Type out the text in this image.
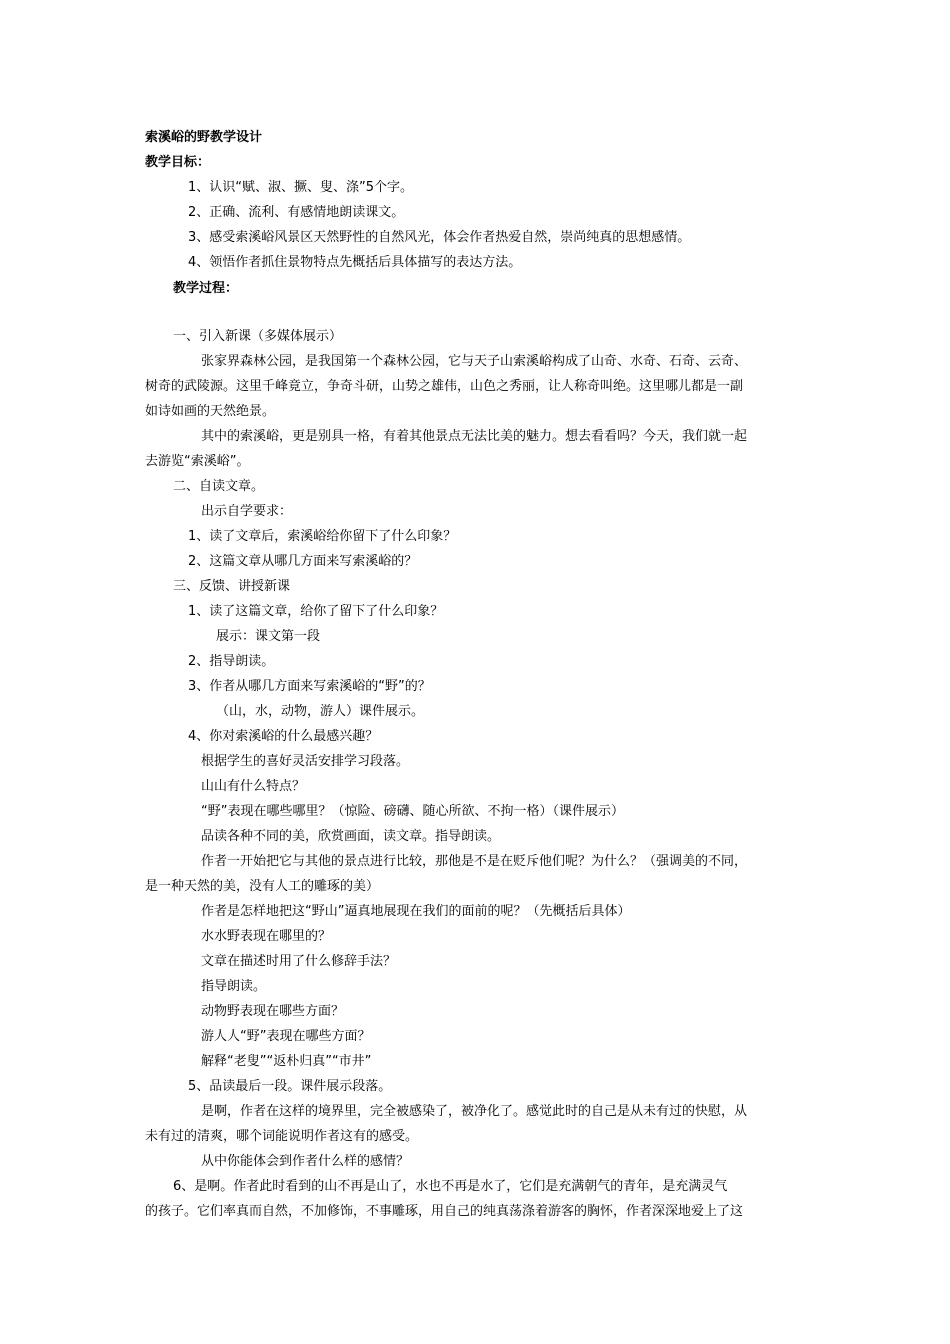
索溪峪的野教学设计
教学目标：
1、认识“赋、淑、撅、叟、涤”5个字。
2、正确、流利、有感情地朗读课文。
3、感受索溪峪风景区天然野性的自然风光，体会作者热爱自然，崇尚纯真的思想感情。
4、领悟作者抓住景物特点先概括后具体描写的表达方法。
教学过程：
一、引入新课（多媒体展示）
张家界森林公园，是我国第一个森林公园，它与天子山索溪峪构成了山奇、水奇、石奇、云奇、
树奇的武陵源。这里千峰竟立，争奇斗研，山势之雄伟，山色之秀丽，让人称奇叫绝。这里哪儿都是一副
如诗如画的天然绝景。
其中的索溪峪，更是别具一格，有着其他景点无法比美的魅力。想去看看吗？今天，我们就一起
去游览“索溪峪”。
二、自读文章。
出示自学要求：
1、读了文章后，索溪峪给你留下了什么印象？
2、这篇文章从哪几方面来写索溪峪的？
三、反馈、讲授新课
1、读了这篇文章，给你了留下了什么印象？
展示：课文第一段
2、指导朗读。
3、作者从哪几方面来写索溪峪的“野”的？
（山，水，动物，游人）课件展示。
4、你对索溪峪的什么最感兴趣？
根据学生的喜好灵活安排学习段落。
山山有什么特点？
“野”表现在哪些哪里？（惊险、磅礴、随心所欲、不拘一格）（课件展示）
品读各种不同的美，欣赏画面，读文章。指导朗读。
作者一开始把它与其他的景点进行比较，那他是不是在贬斥他们呢？为什么？（强调美的不同，
是一种天然的美，没有人工的雕琢的美）
作者是怎样地把这“野山”逼真地展现在我们的面前的呢？（先概括后具体）
水水野表现在哪里的？
文章在描述时用了什么修辞手法？
指导朗读。
动物野表现在哪些方面？
游人人“野”表现在哪些方面？
解释“老叟”“返朴归真”“市井”
5、品读最后一段。课件展示段落。
是啊，作者在这样的境界里，完全被感染了，被净化了。感觉此时的自己是从未有过的快慰，从
未有过的清爽，哪个词能说明作者这有的感受。
从中你能体会到作者什么样的感情？
6、是啊。作者此时看到的山不再是山了，水也不再是水了，它们是充满朝气的青年，是充满灵气
的孩子。它们率真而自然，不加修饰，不事雕琢，用自己的纯真荡涤着游客的胸怀，作者深深地爱上了这
